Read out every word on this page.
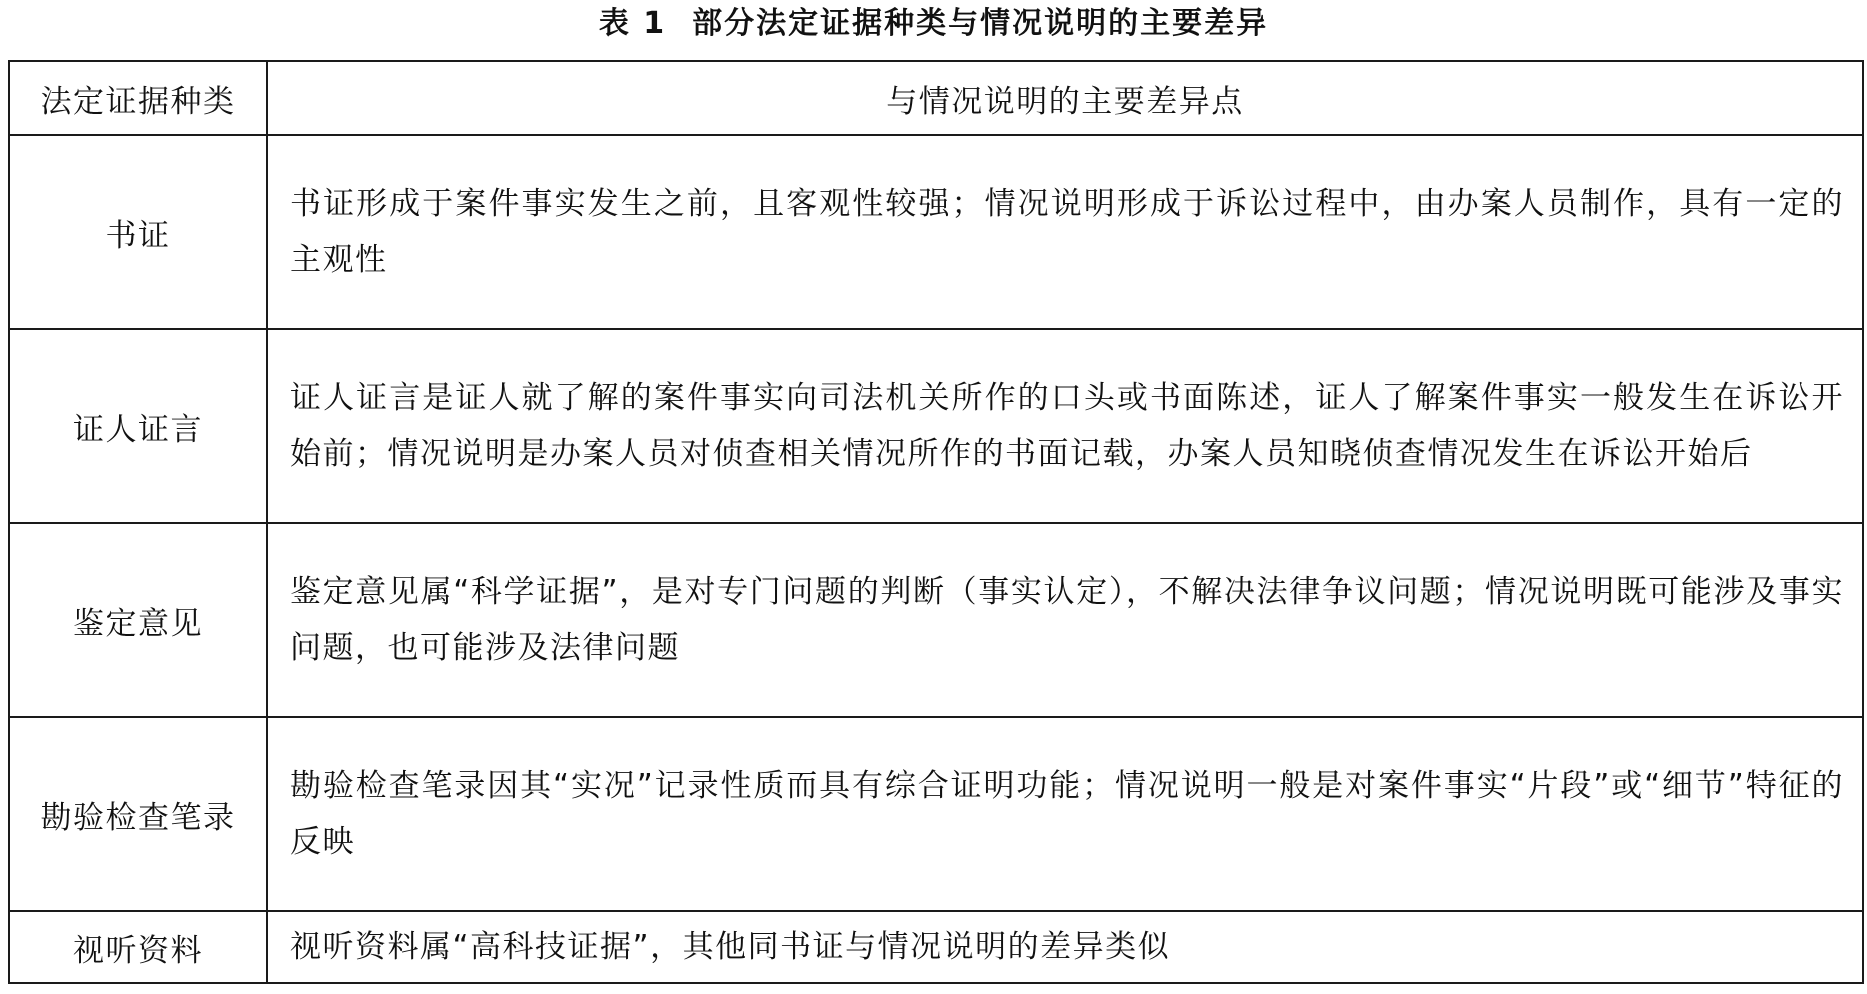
表 1 部分法定证据种类与情况说明的主要差异
法定证据种类	与情况说明的主要差异点
书证	书证形成于案件事实发生之前，且客观性较强；情况说明形成于诉讼过程中，由办案人员制作，具有一定的主观性
证人证言	证人证言是证人就了解的案件事实向司法机关所作的口头或书面陈述，证人了解案件事实一般发生在诉讼开始前；情况说明是办案人员对侦查相关情况所作的书面记载，办案人员知晓侦查情况发生在诉讼开始后
鉴定意见	鉴定意见属“科学证据”，是对专门问题的判断（事实认定），不解决法律争议问题；情况说明既可能涉及事实问题，也可能涉及法律问题
勘验检查笔录	勘验检查笔录因其“实况”记录性质而具有综合证明功能；情况说明一般是对案件事实“片段”或“细节”特征的反映
视听资料	视听资料属“高科技证据”，其他同书证与情况说明的差异类似
